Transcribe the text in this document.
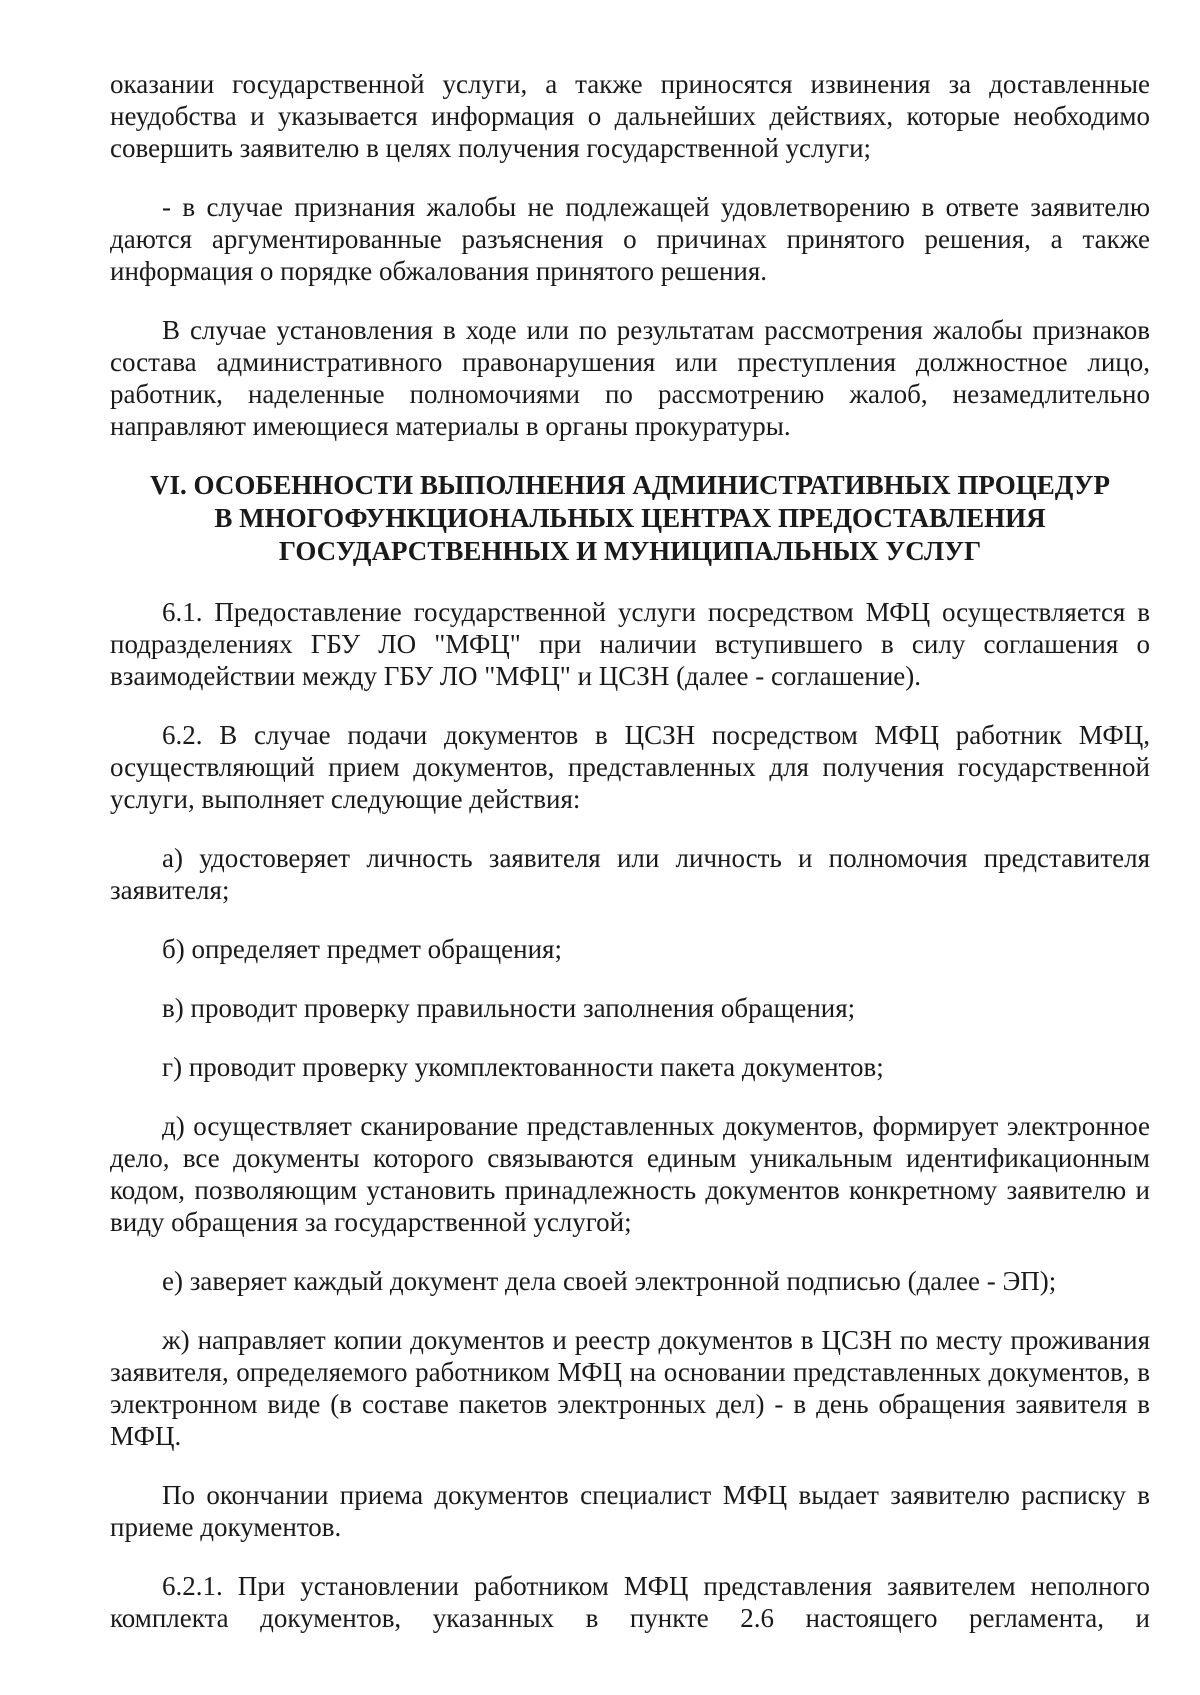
оказании государственной услуги, а также приносятся извинения за доставленные неудобства и указывается информация о дальнейших действиях, которые необходимо совершить заявителю в целях получения государственной услуги;

- в случае признания жалобы не подлежащей удовлетворению в ответе заявителю даются аргументированные разъяснения о причинах принятого решения, а также информация о порядке обжалования принятого решения.

В случае установления в ходе или по результатам рассмотрения жалобы признаков состава административного правонарушения или преступления должностное лицо, работник, наделенные полномочиями по рассмотрению жалоб, незамедлительно направляют имеющиеся материалы в органы прокуратуры.

VI. ОСОБЕННОСТИ ВЫПОЛНЕНИЯ АДМИНИСТРАТИВНЫХ ПРОЦЕДУР
В МНОГОФУНКЦИОНАЛЬНЫХ ЦЕНТРАХ ПРЕДОСТАВЛЕНИЯ
ГОСУДАРСТВЕННЫХ И МУНИЦИПАЛЬНЫХ УСЛУГ

6.1. Предоставление государственной услуги посредством МФЦ осуществляется в подразделениях ГБУ ЛО "МФЦ" при наличии вступившего в силу соглашения о взаимодействии между ГБУ ЛО "МФЦ" и ЦСЗН (далее - соглашение).

6.2. В случае подачи документов в ЦСЗН посредством МФЦ работник МФЦ, осуществляющий прием документов, представленных для получения государственной услуги, выполняет следующие действия:

а) удостоверяет личность заявителя или личность и полномочия представителя заявителя;

б) определяет предмет обращения;

в) проводит проверку правильности заполнения обращения;

г) проводит проверку укомплектованности пакета документов;

д) осуществляет сканирование представленных документов, формирует электронное дело, все документы которого связываются единым уникальным идентификационным кодом, позволяющим установить принадлежность документов конкретному заявителю и виду обращения за государственной услугой;

е) заверяет каждый документ дела своей электронной подписью (далее - ЭП);

ж) направляет копии документов и реестр документов в ЦСЗН по месту проживания заявителя, определяемого работником МФЦ на основании представленных документов, в электронном виде (в составе пакетов электронных дел) - в день обращения заявителя в МФЦ.

По окончании приема документов специалист МФЦ выдает заявителю расписку в приеме документов.

6.2.1. При установлении работником МФЦ представления заявителем неполного комплекта документов, указанных в пункте 2.6 настоящего регламента, и
